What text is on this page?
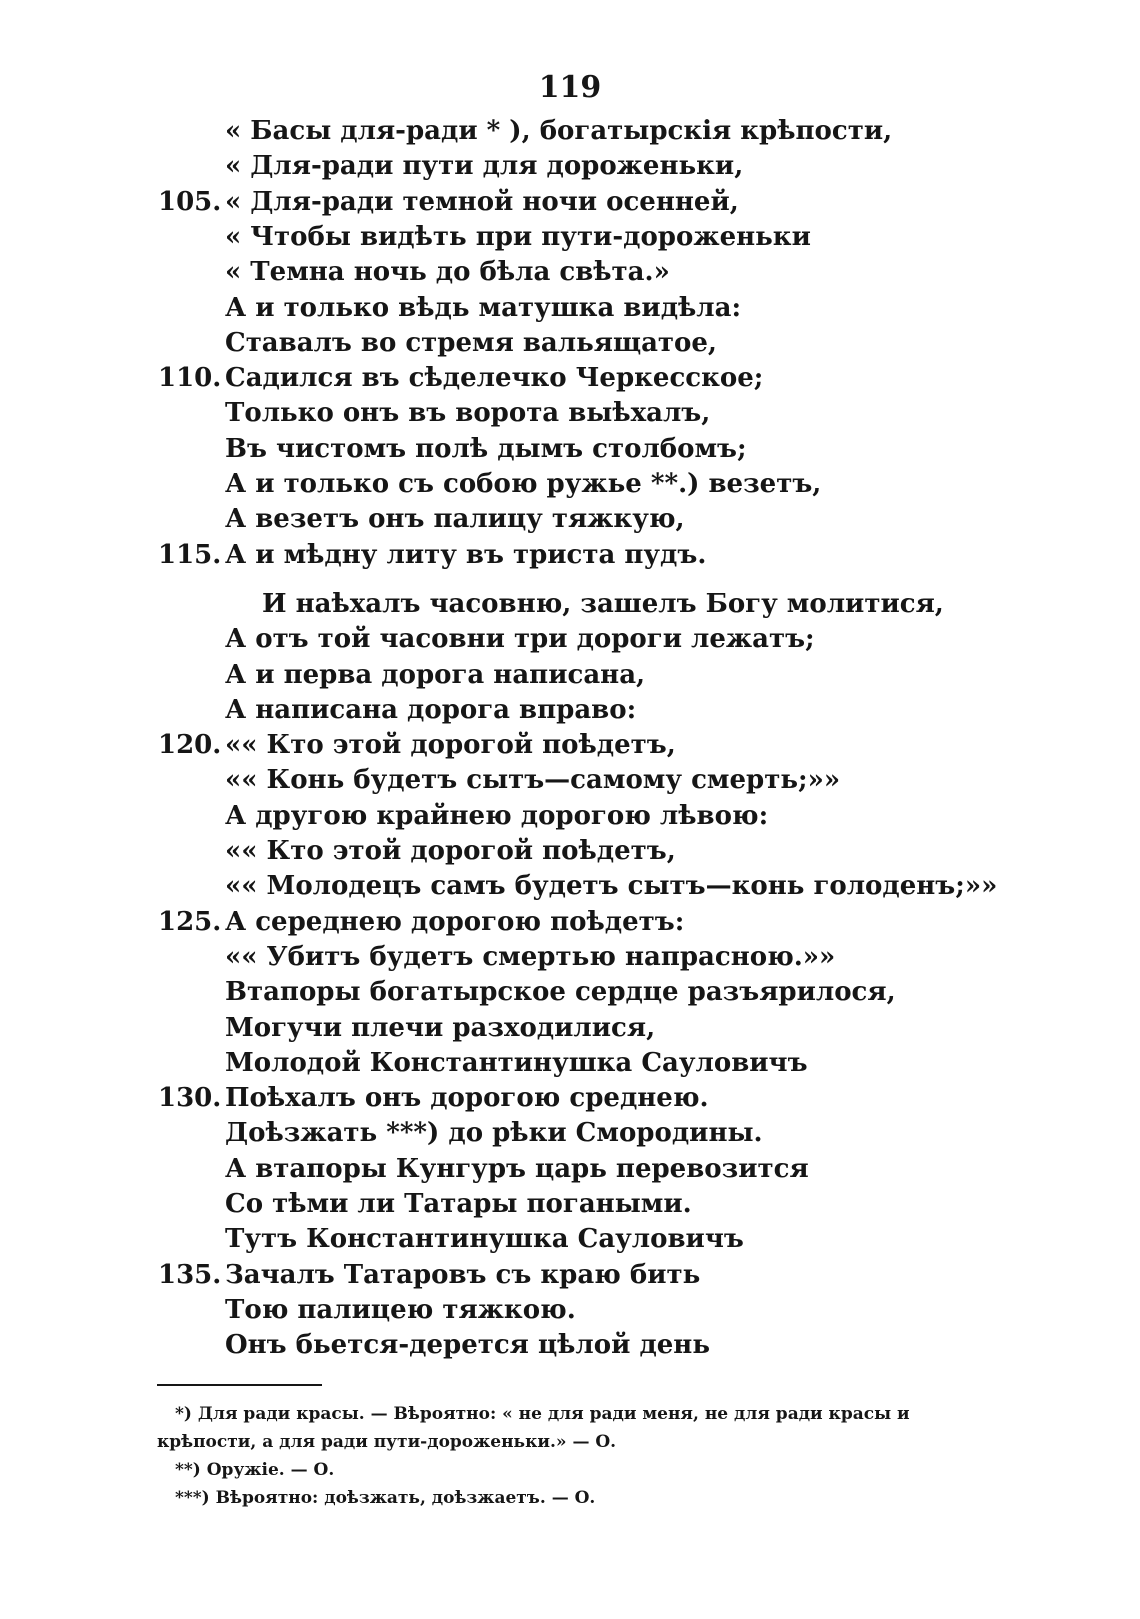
119
« Басы для-ради * ), богатырскія крѣпости,
« Для-ради пути для дороженьки,
105. « Для-ради темной ночи осенней,
« Чтобы видѣть при пути-дороженьки
« Темна ночь до бѣла свѣта.»
А и только вѣдь матушка видѣла:
Ставалъ во стремя вальящатое,
110. Садился въ сѣделечко Черкесское;
Только онъ въ ворота выѣхалъ,
Въ чистомъ полѣ дымъ столбомъ;
А и только съ собою ружье **.) везетъ,
А везетъ онъ палицу тяжкую,
115. А и мѣдну литу въ триста пудъ.
И наѣхалъ часовню, зашелъ Богу молитися,
А отъ той часовни три дороги лежатъ;
А и перва дорога написана,
А написана дорога вправо:
120. «« Кто этой дорогой поѣдетъ,
«« Конь будетъ сытъ—самому смерть;»»
А другою крайнею дорогою лѣвою:
«« Кто этой дорогой поѣдетъ,
«« Молодецъ самъ будетъ сытъ—конь голоденъ;»»
125. А середнею дорогою поѣдетъ:
«« Убитъ будетъ смертью напрасною.»»
Втапоры богатырское сердце разъярилося,
Могучи плечи разходилися,
Молодой Константинушка Сауловичъ
130. Поѣхалъ онъ дорогою среднею.
Доѣзжать ***) до рѣки Смородины.
А втапоры Кунгуръ царь перевозится
Со тѣми ли Татары погаными.
Тутъ Константинушка Сауловичъ
135. Зачалъ Татаровъ съ краю бить
Тою палицею тяжкою.
Онъ бьется-дерется цѣлой день
*) Для ради красы. — Вѣроятно: « не для ради меня, не для ради красы и
крѣпости, а для ради пути-дороженьки.» — О.
**) Оружіе. — О.
***) Вѣроятно: доѣзжать, доѣзжаетъ. — О.
